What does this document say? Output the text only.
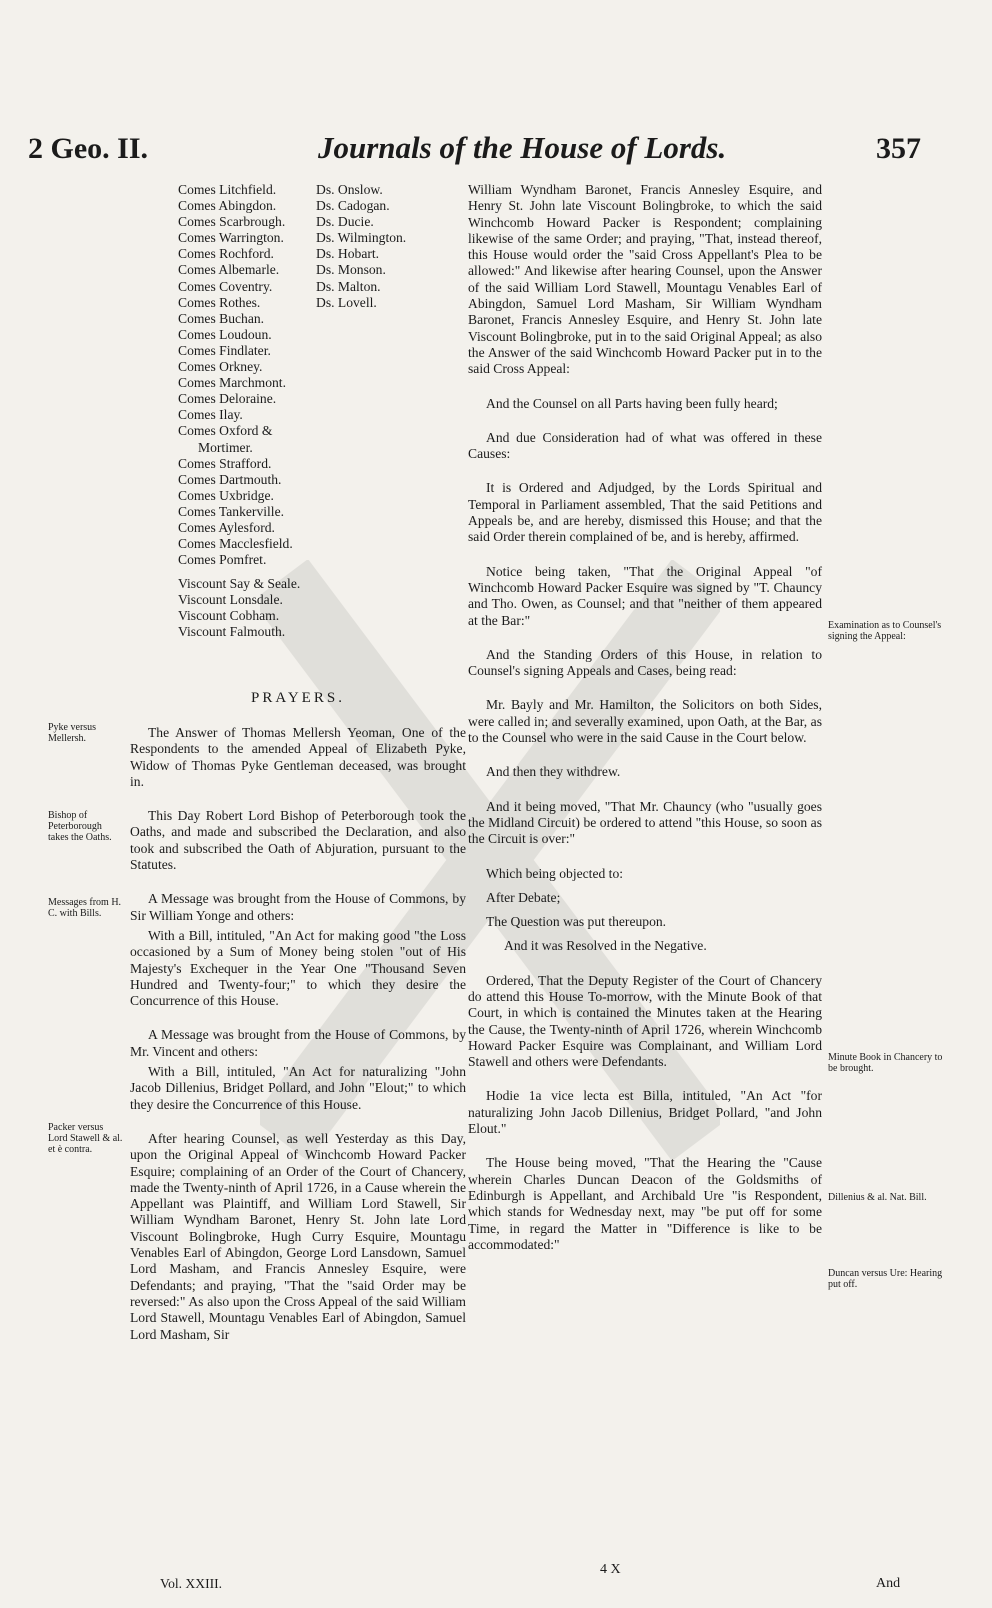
2 Geo. II.	Journals of the House of Lords.	357
Comes Litchfield.
Comes Abingdon.
Comes Scarbrough.
Comes Warrington.
Comes Rochford.
Comes Albemarle.
Comes Coventry.
Comes Rothes.
Comes Buchan.
Comes Loudoun.
Comes Findlater.
Comes Orkney.
Comes Marchmont.
Comes Deloraine.
Comes Ilay.
Comes Oxford &
Mortimer.
Comes Strafford.
Comes Dartmouth.
Comes Uxbridge.
Comes Tankerville.
Comes Aylesford.
Comes Macclesfield.
Comes Pomfret.
Ds. Onslow.
Ds. Cadogan.
Ds. Ducie.
Ds. Wilmington.
Ds. Hobart.
Ds. Monson.
Ds. Malton.
Ds. Lovell.
Viscount Say & Seale.
Viscount Lonsdale.
Viscount Cobham.
Viscount Falmouth.
Pyke versus Mellersh.
Bishop of Peterborough takes the Oaths.
Messages from H. C. with Bills.
Packer versus Lord Stawell & al. et è contra.
PRAYERS.

The Answer of Thomas Mellersh Yeoman, One of the Respondents to the amended Appeal of Elizabeth Pyke, Widow of Thomas Pyke Gentleman deceased, was brought in.

This Day Robert Lord Bishop of Peterborough took the Oaths, and made and subscribed the Declaration, and also took and subscribed the Oath of Abjuration, pursuant to the Statutes.

A Message was brought from the House of Commons, by Sir William Yonge and others:

With a Bill, intituled, "An Act for making good "the Loss occasioned by a Sum of Money being stolen "out of His Majesty's Exchequer in the Year One "Thousand Seven Hundred and Twenty-four;" to which they desire the Concurrence of this House.

A Message was brought from the House of Commons, by Mr. Vincent and others:

With a Bill, intituled, "An Act for naturalizing "John Jacob Dillenius, Bridget Pollard, and John "Elout;" to which they desire the Concurrence of this House.

After hearing Counsel, as well Yesterday as this Day, upon the Original Appeal of Winchcomb Howard Packer Esquire; complaining of an Order of the Court of Chancery, made the Twenty-ninth of April 1726, in a Cause wherein the Appellant was Plaintiff, and William Lord Stawell, Sir William Wyndham Baronet, Henry St. John late Lord Viscount Bolingbroke, Hugh Curry Esquire, Mountagu Venables Earl of Abingdon, George Lord Lansdown, Samuel Lord Masham, and Francis Annesley Esquire, were Defendants; and praying, "That the "said Order may be reversed:" As also upon the Cross Appeal of the said William Lord Stawell, Mountagu Venables Earl of Abingdon, Samuel Lord Masham, Sir

William Wyndham Baronet, Francis Annesley Esquire, and Henry St. John late Viscount Bolingbroke, to which the said Winchcomb Howard Packer is Respondent; complaining likewise of the same Order; and praying, "That, instead thereof, this House would order the "said Cross Appellant's Plea to be allowed:" And likewise after hearing Counsel, upon the Answer of the said William Lord Stawell, Mountagu Venables Earl of Abingdon, Samuel Lord Masham, Sir William Wyndham Baronet, Francis Annesley Esquire, and Henry St. John late Viscount Bolingbroke, put in to the said Original Appeal; as also the Answer of the said Winchcomb Howard Packer put in to the said Cross Appeal:

And the Counsel on all Parts having been fully heard;

And due Consideration had of what was offered in these Causes:

It is Ordered and Adjudged, by the Lords Spiritual and Temporal in Parliament assembled, That the said Petitions and Appeals be, and are hereby, dismissed this House; and that the said Order therein complained of be, and is hereby, affirmed.

Notice being taken, "That the Original Appeal "of Winchcomb Howard Packer Esquire was signed by "T. Chauncy and Tho. Owen, as Counsel; and that "neither of them appeared at the Bar:"

And the Standing Orders of this House, in relation to Counsel's signing Appeals and Cases, being read:

Mr. Bayly and Mr. Hamilton, the Solicitors on both Sides, were called in; and severally examined, upon Oath, at the Bar, as to the Counsel who were in the said Cause in the Court below.

And then they withdrew.

And it being moved, "That Mr. Chauncy (who "usually goes the Midland Circuit) be ordered to attend "this House, so soon as the Circuit is over:"

Which being objected to:

After Debate;

The Question was put thereupon.

And it was Resolved in the Negative.

Ordered, That the Deputy Register of the Court of Chancery do attend this House To-morrow, with the Minute Book of that Court, in which is contained the Minutes taken at the Hearing the Cause, the Twenty-ninth of April 1726, wherein Winchcomb Howard Packer Esquire was Complainant, and William Lord Stawell and others were Defendants.

Hodie 1a vice lecta est Billa, intituled, "An Act "for naturalizing John Jacob Dillenius, Bridget Pollard, "and John Elout."

The House being moved, "That the Hearing the "Cause wherein Charles Duncan Deacon of the Goldsmiths of Edinburgh is Appellant, and Archibald Ure "is Respondent, which stands for Wednesday next, may "be put off for some Time, in regard the Matter in "Difference is like to be accommodated:"

Examination as to Counsel's signing the Appeal:
Minute Book in Chancery to be brought.
Dillenius & al. Nat. Bill.
Duncan versus Ure: Hearing put off.
Vol. XXIII.
4 X
And
